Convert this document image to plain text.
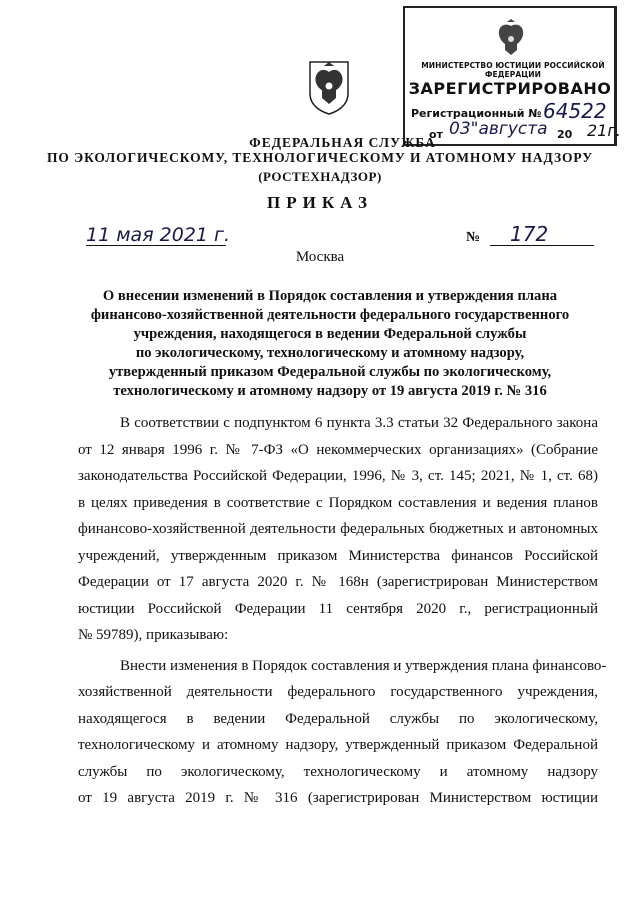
МИНИСТЕРСТВО ЮСТИЦИИ РОССИЙСКОЙ ФЕДЕРАЦИИ
ЗАРЕГИСТРИРОВАНО
Регистрационный № 64522
от 03"августа 20 21г.
ФЕДЕРАЛЬНАЯ СЛУЖБА
ПО ЭКОЛОГИЧЕСКОМУ, ТЕХНОЛОГИЧЕСКОМУ И АТОМНОМУ НАДЗОРУ
(РОСТЕХНАДЗОР)
ПРИКАЗ
11 мая 2021 г.	№ 172
Москва
О внесении изменений в Порядок составления и утверждения плана
финансово-хозяйственной деятельности федерального государственного
учреждения, находящегося в ведении Федеральной службы
по экологическому, технологическому и атомному надзору,
утвержденный приказом Федеральной службы по экологическому,
технологическому и атомному надзору от 19 августа 2019 г. № 316
В соответствии с подпунктом 6 пункта 3.3 статьи 32 Федерального закона
от 12 января 1996 г. № 7-ФЗ «О некоммерческих организациях» (Собрание
законодательства Российской Федерации, 1996, № 3, ст. 145; 2021, № 1, ст. 68)
в целях приведения в соответствие с Порядком составления и ведения планов
финансово-хозяйственной деятельности федеральных бюджетных и автономных
учреждений, утвержденным приказом Министерства финансов Российской
Федерации от 17 августа 2020 г. № 168н (зарегистрирован Министерством
юстиции Российской Федерации 11 сентября 2020 г., регистрационный
№ 59789), приказываю:
Внести изменения в Порядок составления и утверждения плана финансово-
хозяйственной деятельности федерального государственного учреждения,
находящегося в ведении Федеральной службы по экологическому,
технологическому и атомному надзору, утвержденный приказом Федеральной
службы по экологическому, технологическому и атомному надзору
от 19 августа 2019 г. № 316 (зарегистрирован Министерством юстиции
